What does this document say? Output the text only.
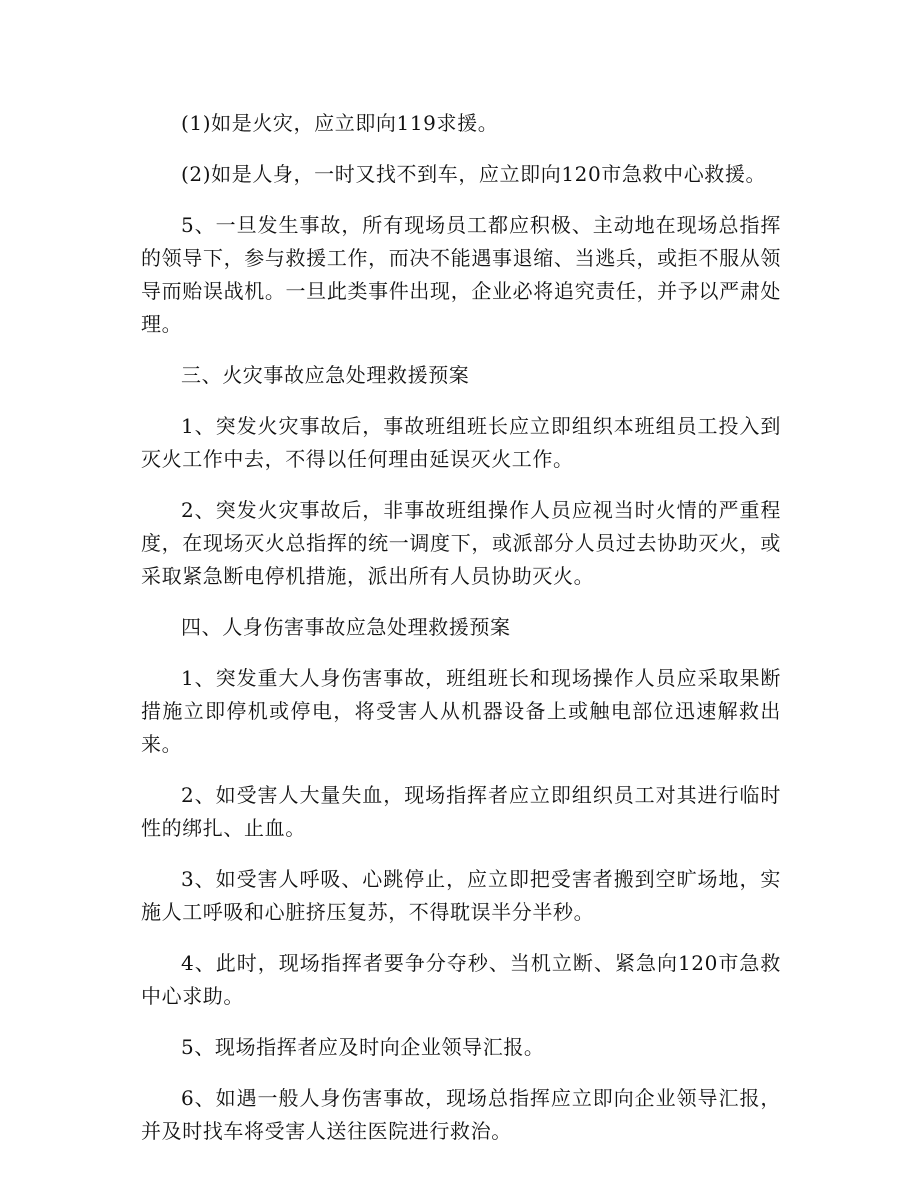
(1)如是火灾，应立即向119求援。

(2)如是人身，一时又找不到车，应立即向120市急救中心救援。

5、一旦发生事故，所有现场员工都应积极、主动地在现场总指挥的领导下，参与救援工作，而决不能遇事退缩、当逃兵，或拒不服从领导而贻误战机。一旦此类事件出现，企业必将追究责任，并予以严肃处理。

三、火灾事故应急处理救援预案

1、突发火灾事故后，事故班组班长应立即组织本班组员工投入到灭火工作中去，不得以任何理由延误灭火工作。

2、突发火灾事故后，非事故班组操作人员应视当时火情的严重程度，在现场灭火总指挥的统一调度下，或派部分人员过去协助灭火，或采取紧急断电停机措施，派出所有人员协助灭火。

四、人身伤害事故应急处理救援预案

1、突发重大人身伤害事故，班组班长和现场操作人员应采取果断措施立即停机或停电，将受害人从机器设备上或触电部位迅速解救出来。

2、如受害人大量失血，现场指挥者应立即组织员工对其进行临时性的绑扎、止血。

3、如受害人呼吸、心跳停止，应立即把受害者搬到空旷场地，实施人工呼吸和心脏挤压复苏，不得耽误半分半秒。

4、此时，现场指挥者要争分夺秒、当机立断、紧急向120市急救中心求助。

5、现场指挥者应及时向企业领导汇报。

6、如遇一般人身伤害事故，现场总指挥应立即向企业领导汇报，并及时找车将受害人送往医院进行救治。
